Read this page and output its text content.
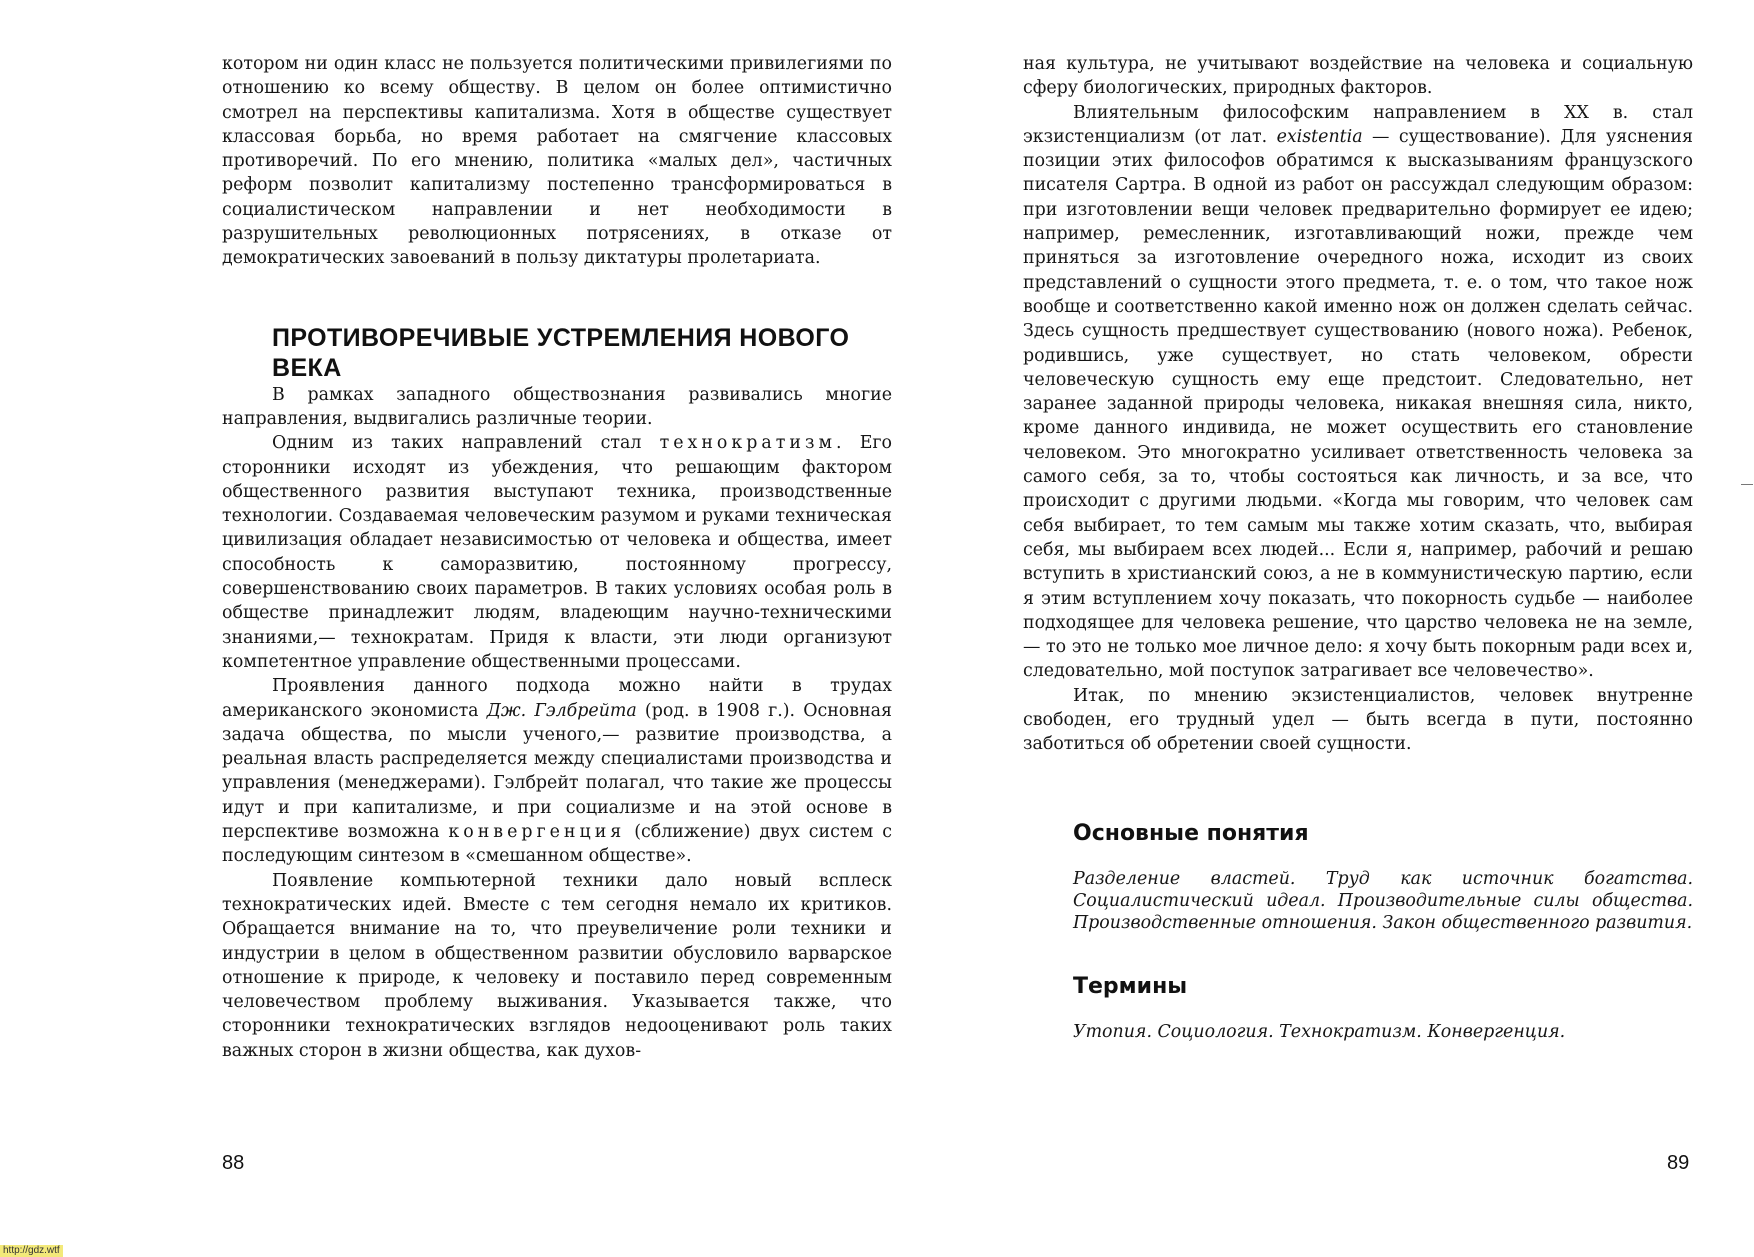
котором ни один класс не пользуется политическими привилегиями по отношению ко всему обществу. В целом он более оптимистично смотрел на перспективы капитализма. Хотя в обществе существует классовая борьба, но время работает на смягчение классовых противоречий. По его мнению, политика «малых дел», частичных реформ позволит капитализму постепенно трансформироваться в социалистическом направлении и нет необходимости в разрушительных революционных потрясениях, в отказе от демократических завоеваний в пользу диктатуры пролетариата.

ПРОТИВОРЕЧИВЫЕ УСТРЕМЛЕНИЯ НОВОГО ВЕКА

В рамках западного обществознания развивались многие направления, выдвигались различные теории.

Одним из таких направлений стал технократизм. Его сторонники исходят из убеждения, что решающим фактором общественного развития выступают техника, производственные технологии. Создаваемая человеческим разумом и руками техническая цивилизация обладает независимостью от человека и общества, имеет способность к саморазвитию, постоянному прогрессу, совершенствованию своих параметров. В таких условиях особая роль в обществе принадлежит людям, владеющим научно-техническими знаниями,— технократам. Придя к власти, эти люди организуют компетентное управление общественными процессами.

Проявления данного подхода можно найти в трудах американского экономиста Дж. Гэлбрейта (род. в 1908 г.). Основная задача общества, по мысли ученого,— развитие производства, а реальная власть распределяется между специалистами производства и управления (менеджерами). Гэлбрейт полагал, что такие же процессы идут и при капитализме, и при социализме и на этой основе в перспективе возможна конвергенция (сближение) двух систем с последующим синтезом в «смешанном обществе».

Появление компьютерной техники дало новый всплеск технократических идей. Вместе с тем сегодня немало их критиков. Обращается внимание на то, что преувеличение роли техники и индустрии в целом в общественном развитии обусловило варварское отношение к природе, к человеку и поставило перед современным человечеством проблему выживания. Указывается также, что сторонники технократических взглядов недооценивают роль таких важных сторон в жизни общества, как духов-

88

ная культура, не учитывают воздействие на человека и социальную сферу биологических, природных факторов.

Влиятельным философским направлением в XX в. стал экзистенциализм (от лат. existentia — существование). Для уяснения позиции этих философов обратимся к высказываниям французского писателя Сартра. В одной из работ он рассуждал следующим образом: при изготовлении вещи человек предварительно формирует ее идею; например, ремесленник, изготавливающий ножи, прежде чем приняться за изготовление очередного ножа, исходит из своих представлений о сущности этого предмета, т. е. о том, что такое нож вообще и соответственно какой именно нож он должен сделать сейчас. Здесь сущность предшествует существованию (нового ножа). Ребенок, родившись, уже существует, но стать человеком, обрести человеческую сущность ему еще предстоит. Следовательно, нет заранее заданной природы человека, никакая внешняя сила, никто, кроме данного индивида, не может осуществить его становление человеком. Это многократно усиливает ответственность человека за самого себя, за то, чтобы состояться как личность, и за все, что происходит с другими людьми. «Когда мы говорим, что человек сам себя выбирает, то тем самым мы также хотим сказать, что, выбирая себя, мы выбираем всех людей... Если я, например, рабочий и решаю вступить в христианский союз, а не в коммунистическую партию, если я этим вступлением хочу показать, что покорность судьбе — наиболее подходящее для человека решение, что царство человека не на земле,— то это не только мое личное дело: я хочу быть покорным ради всех и, следовательно, мой поступок затрагивает все человечество».

Итак, по мнению экзистенциалистов, человек внутренне свободен, его трудный удел — быть всегда в пути, постоянно заботиться об обретении своей сущности.

Основные понятия

Разделение властей. Труд как источник богатства. Социалистический идеал. Производительные силы общества. Производственные отношения. Закон общественного развития.

Термины

Утопия. Социология. Технократизм. Конвергенция.

89
http://gdz.wtf
